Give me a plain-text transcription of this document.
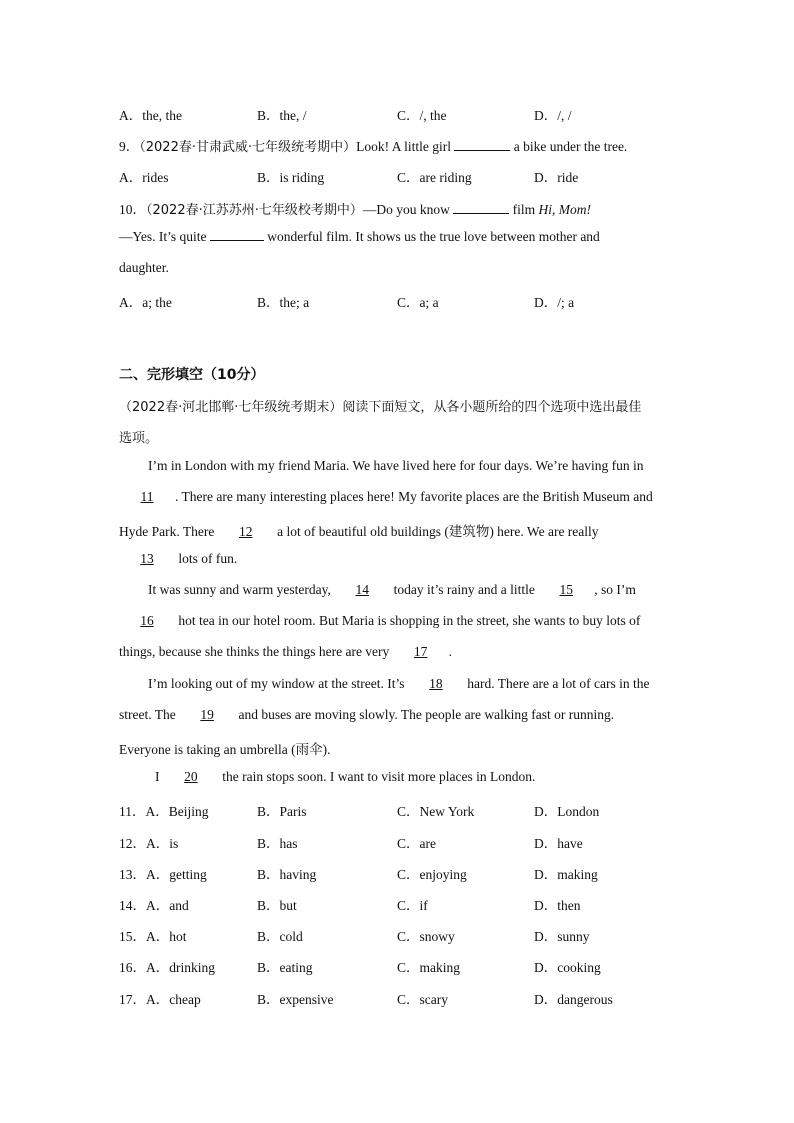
A．the, the	B．the, /	C．/, the	D．/, /
9．（2022春·甘肃武威·七年级统考期中）Look! A little girl	a bike under the tree.
A．rides	B．is riding	C．are riding	D．ride
10．（2022春·江苏苏州·七年级校考期中）—Do you know	film Hi, Mom!
—Yes. It’s quite	wonderful film. It shows us the true love between mother and
daughter.
A．a; the	B．the; a	C．a; a	D．/; a
二、完形填空（10分）
（2022春·河北邯郸·七年级统考期末）阅读下面短文，从各小题所给的四个选项中选出最佳
选项。
I’m in London with my friend Maria. We have lived here for four days. We’re having fun in
11 . There are many interesting places here! My favorite places are the British Museum and
Hyde Park. There 12 a lot of beautiful old buildings (建筑物) here. We are really
13 lots of fun.
It was sunny and warm yesterday, 14 today it’s rainy and a little 15 , so I’m
16 hot tea in our hotel room. But Maria is shopping in the street, she wants to buy lots of
things, because she thinks the things here are very 17 .
I’m looking out of my window at the street. It’s 18 hard. There are a lot of cars in the
street. The 19 and buses are moving slowly. The people are walking fast or running.
Everyone is taking an umbrella (雨伞).
I 20 the rain stops soon. I want to visit more places in London.
11．A．Beijing	B．Paris	C．New York	D．London
12．A．is	B．has	C．are	D．have
13．A．getting	B．having	C．enjoying	D．making
14．A．and	B．but	C．if	D．then
15．A．hot	B．cold	C．snowy	D．sunny
16．A．drinking	B．eating	C．making	D．cooking
17．A．cheap	B．expensive	C．scary	D．dangerous
